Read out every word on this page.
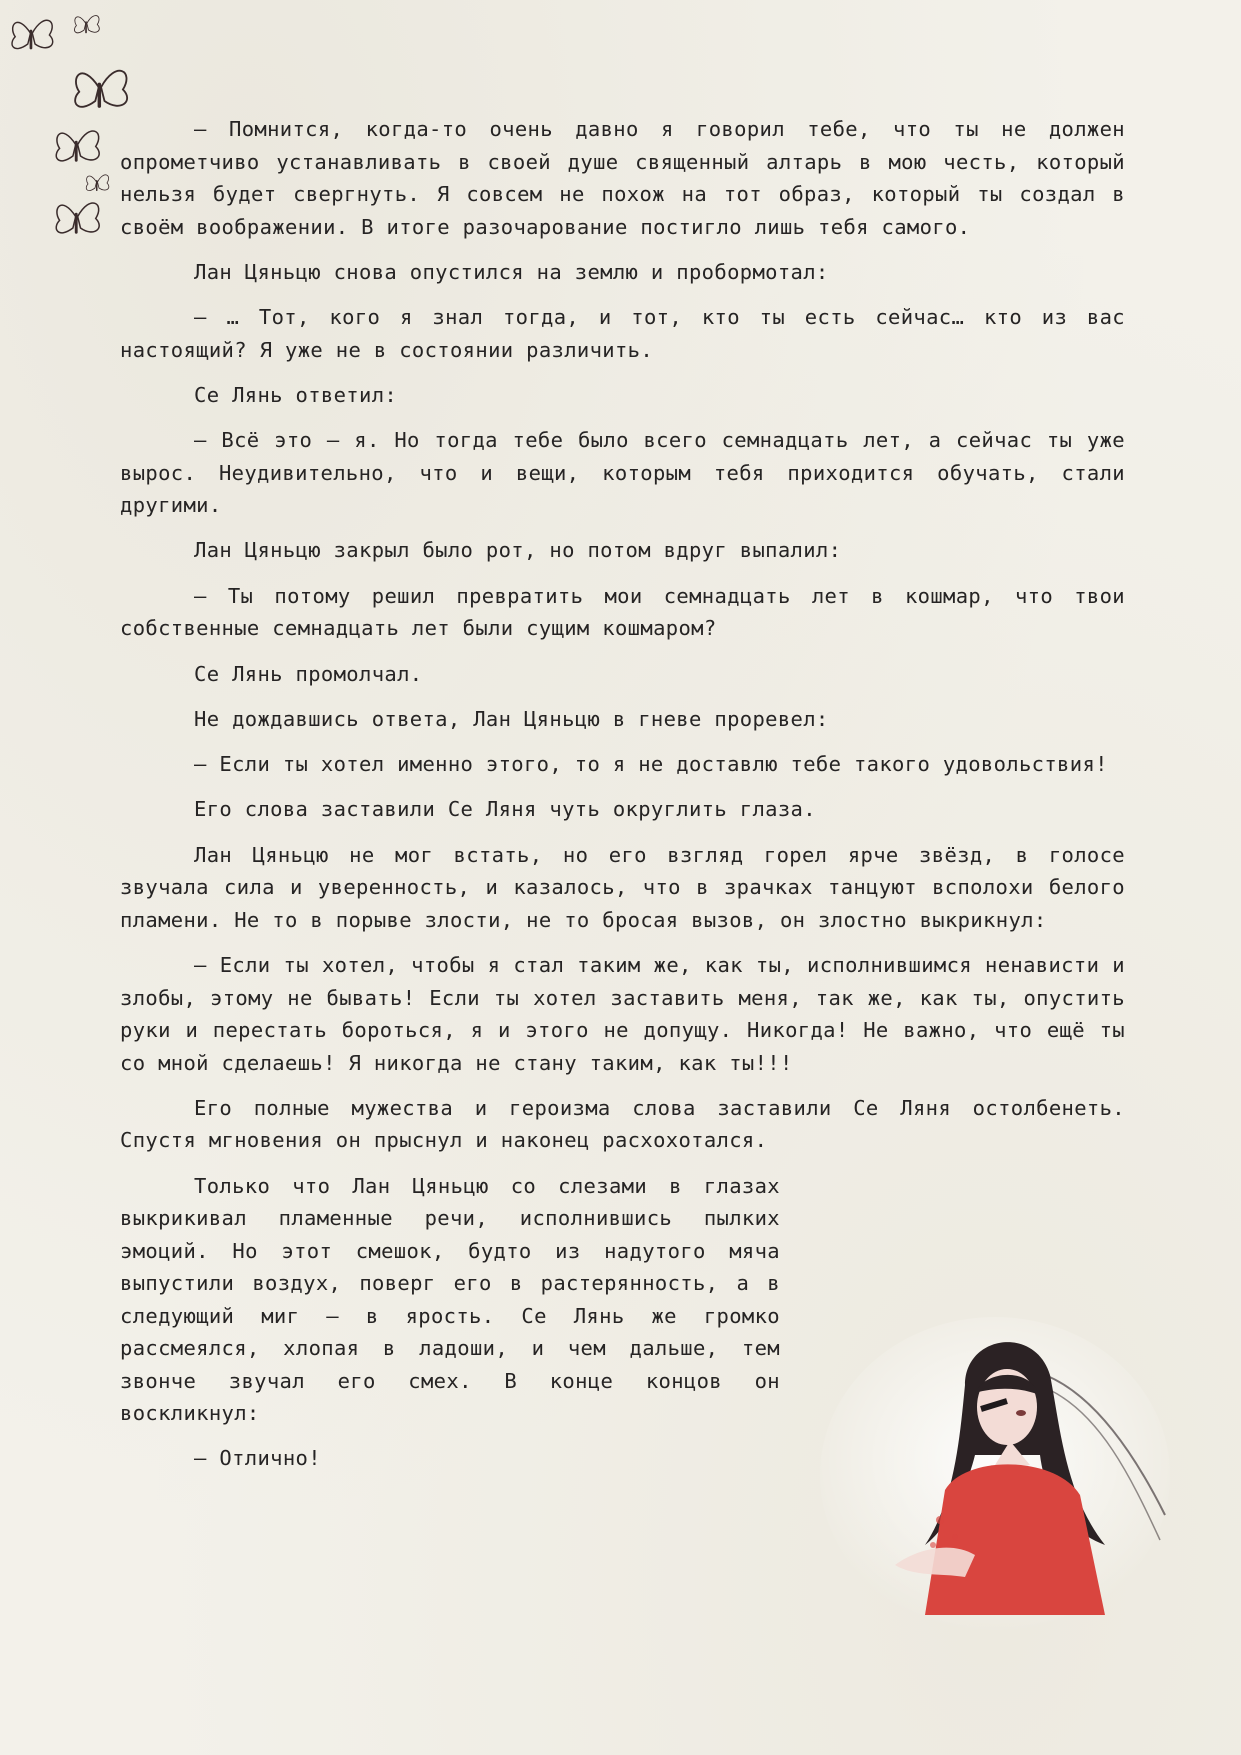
— Помнится, когда-то очень давно я говорил тебе, что ты не должен опрометчиво устанавливать в своей душе священный алтарь в мою честь, который нельзя будет свергнуть. Я совсем не похож на тот образ, который ты создал в своём воображении. В итоге разочарование постигло лишь тебя самого.

Лан Цяньцю снова опустился на землю и пробормотал:

— … Тот, кого я знал тогда, и тот, кто ты есть сейчас… кто из вас настоящий? Я уже не в состоянии различить.

Се Лянь ответил:

— Всё это — я. Но тогда тебе было всего семнадцать лет, а сейчас ты уже вырос. Неудивительно, что и вещи, которым тебя приходится обучать, стали другими.

Лан Цяньцю закрыл было рот, но потом вдруг выпалил:

— Ты потому решил превратить мои семнадцать лет в кошмар, что твои собственные семнадцать лет были сущим кошмаром?

Се Лянь промолчал.

Не дождавшись ответа, Лан Цяньцю в гневе проревел:

— Если ты хотел именно этого, то я не доставлю тебе такого удовольствия!

Его слова заставили Се Ляня чуть округлить глаза.

Лан Цяньцю не мог встать, но его взгляд горел ярче звёзд, в голосе звучала сила и уверенность, и казалось, что в зрачках танцуют всполохи белого пламени. Не то в порыве злости, не то бросая вызов, он злостно выкрикнул:

— Если ты хотел, чтобы я стал таким же, как ты, исполнившимся ненависти и злобы, этому не бывать! Если ты хотел заставить меня, так же, как ты, опустить руки и перестать бороться, я и этого не допущу. Никогда! Не важно, что ещё ты со мной сделаешь! Я никогда не стану таким, как ты!!!

Его полные мужества и героизма слова заставили Се Ляня остолбенеть. Спустя мгновения он прыснул и наконец расхохотался.

Только что Лан Цяньцю со слезами в глазах выкрикивал пламенные речи, исполнившись пылких эмоций. Но этот смешок, будто из надутого мяча выпустили воздух, поверг его в растерянность, а в следующий миг — в ярость. Се Лянь же громко рассмеялся, хлопая в ладоши, и чем дальше, тем звонче звучал его смех. В конце концов он воскликнул:

— Отлично!
